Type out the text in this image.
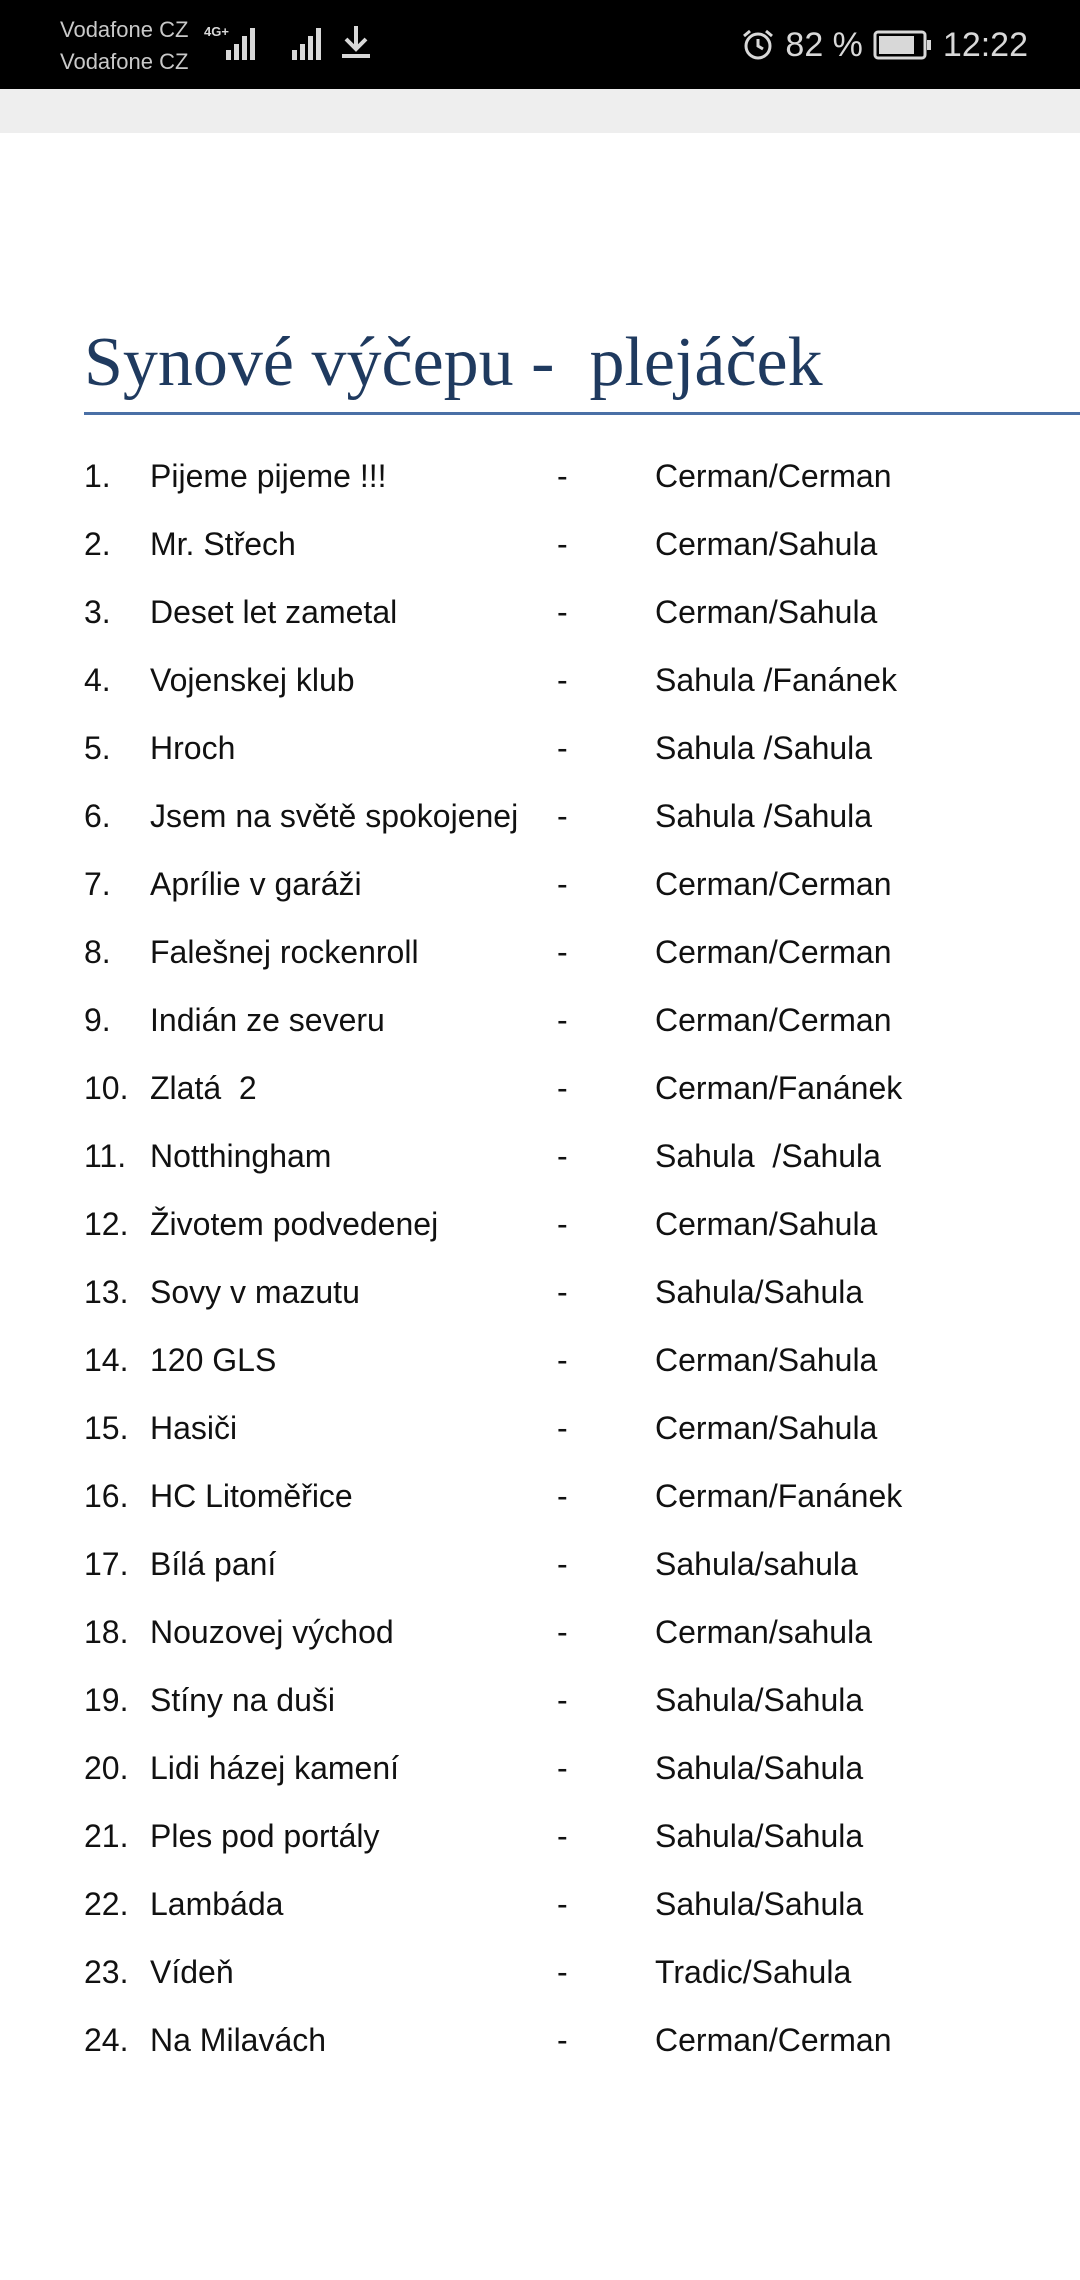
Vodafone CZ
Vodafone CZ
4G+	82 % 12:22
Synové výčepu -  plejáček
1. Pijeme pijeme !!!	-	Cerman/Cerman
2. Mr. Střech	-	Cerman/Sahula
3. Deset let zametal	-	Cerman/Sahula
4. Vojenskej klub	-	Sahula /Fanánek
5. Hroch	-	Sahula /Sahula
6. Jsem na světě spokojenej -	Sahula /Sahula
7. Aprílie v garáži	-	Cerman/Cerman
8. Falešnej rockenroll	-	Cerman/Cerman
9. Indián ze severu	-	Cerman/Cerman
10. Zlatá  2	-	Cerman/Fanánek
11. Notthingham	-	Sahula  /Sahula
12. Životem podvedenej	-	Cerman/Sahula
13. Sovy v mazutu	-	Sahula/Sahula
14. 120 GLS	-	Cerman/Sahula
15. Hasiči	-	Cerman/Sahula
16. HC Litoměřice	-	Cerman/Fanánek
17. Bílá paní	-	Sahula/sahula
18. Nouzovej východ	-	Cerman/sahula
19. Stíny na duši	-	Sahula/Sahula
20. Lidi házej kamení	-	Sahula/Sahula
21. Ples pod portály	-	Sahula/Sahula
22. Lambáda	-	Sahula/Sahula
23. Vídeň	-	Tradic/Sahula
24. Na Milavách	-	Cerman/Cerman
